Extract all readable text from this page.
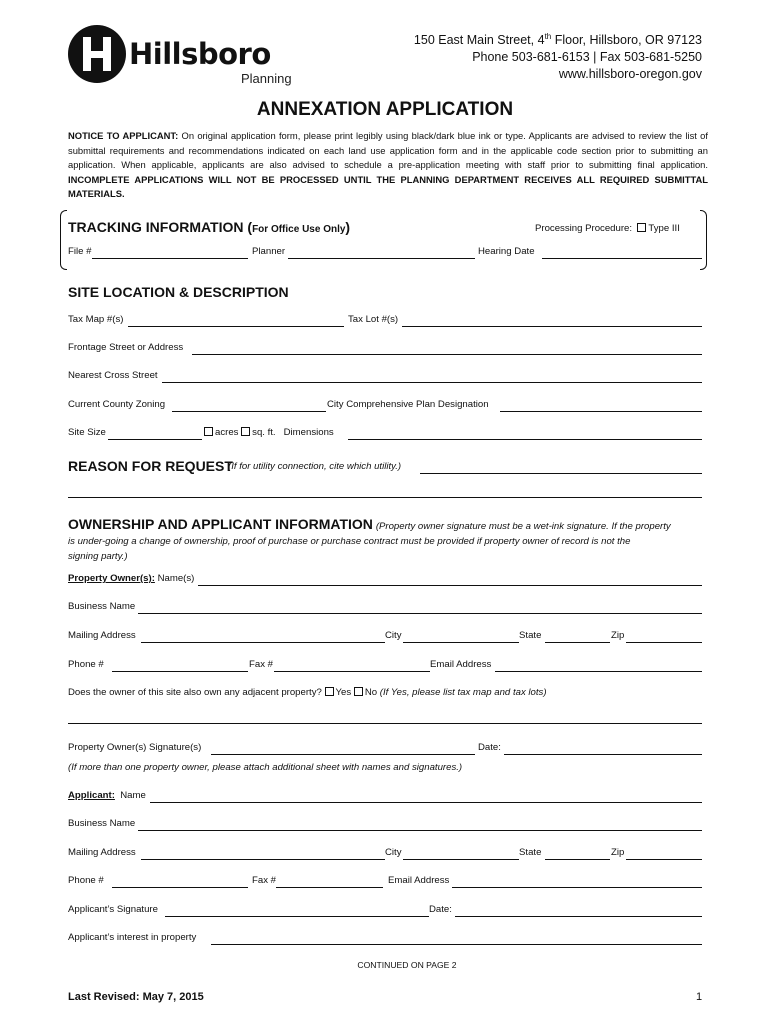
Hillsboro
Planning
150 East Main Street, 4th Floor, Hillsboro, OR 97123
Phone 503-681-6153 | Fax 503-681-5250
www.hillsboro-oregon.gov
ANNEXATION APPLICATION
NOTICE TO APPLICANT: On original application form, please print legibly using black/dark blue ink or type. Applicants are advised to review the list of submittal requirements and recommendations indicated on each land use application form and in the applicable code section prior to submitting an application. When applicable, applicants are also advised to schedule a pre-application meeting with staff prior to submitting final application. INCOMPLETE APPLICATIONS WILL NOT BE PROCESSED UNTIL THE PLANNING DEPARTMENT RECEIVES ALL REQUIRED SUBMITTAL MATERIALS.
TRACKING INFORMATION (For Office Use Only)	Processing Procedure: Type III
File #	Planner	Hearing Date
SITE LOCATION & DESCRIPTION
Tax Map #(s)	Tax Lot #(s)
Frontage Street or Address
Nearest Cross Street
Current County Zoning	City Comprehensive Plan Designation
Site Size	acres sq. ft. Dimensions
REASON FOR REQUEST
(If for utility connection, cite which utility.)
OWNERSHIP AND APPLICANT INFORMATION (Property owner signature must be a wet-ink signature. If the property
is under-going a change of ownership, proof of purchase or purchase contract must be provided if property owner of record is not the
signing party.)
Property Owner(s): Name(s)
Business Name
Mailing Address	City	State	Zip
Phone #	Fax #	Email Address
Does the owner of this site also own any adjacent property? Yes No (If Yes, please list tax map and tax lots)
Property Owner(s) Signature(s)	Date:
(If more than one property owner, please attach additional sheet with names and signatures.)
Applicant: Name
Business Name
Mailing Address	City	State	Zip
Phone #	Fax #	Email Address
Applicant’s Signature	Date:
Applicant’s interest in property
CONTINUED ON PAGE 2
Last Revised: May 7, 2015	1
